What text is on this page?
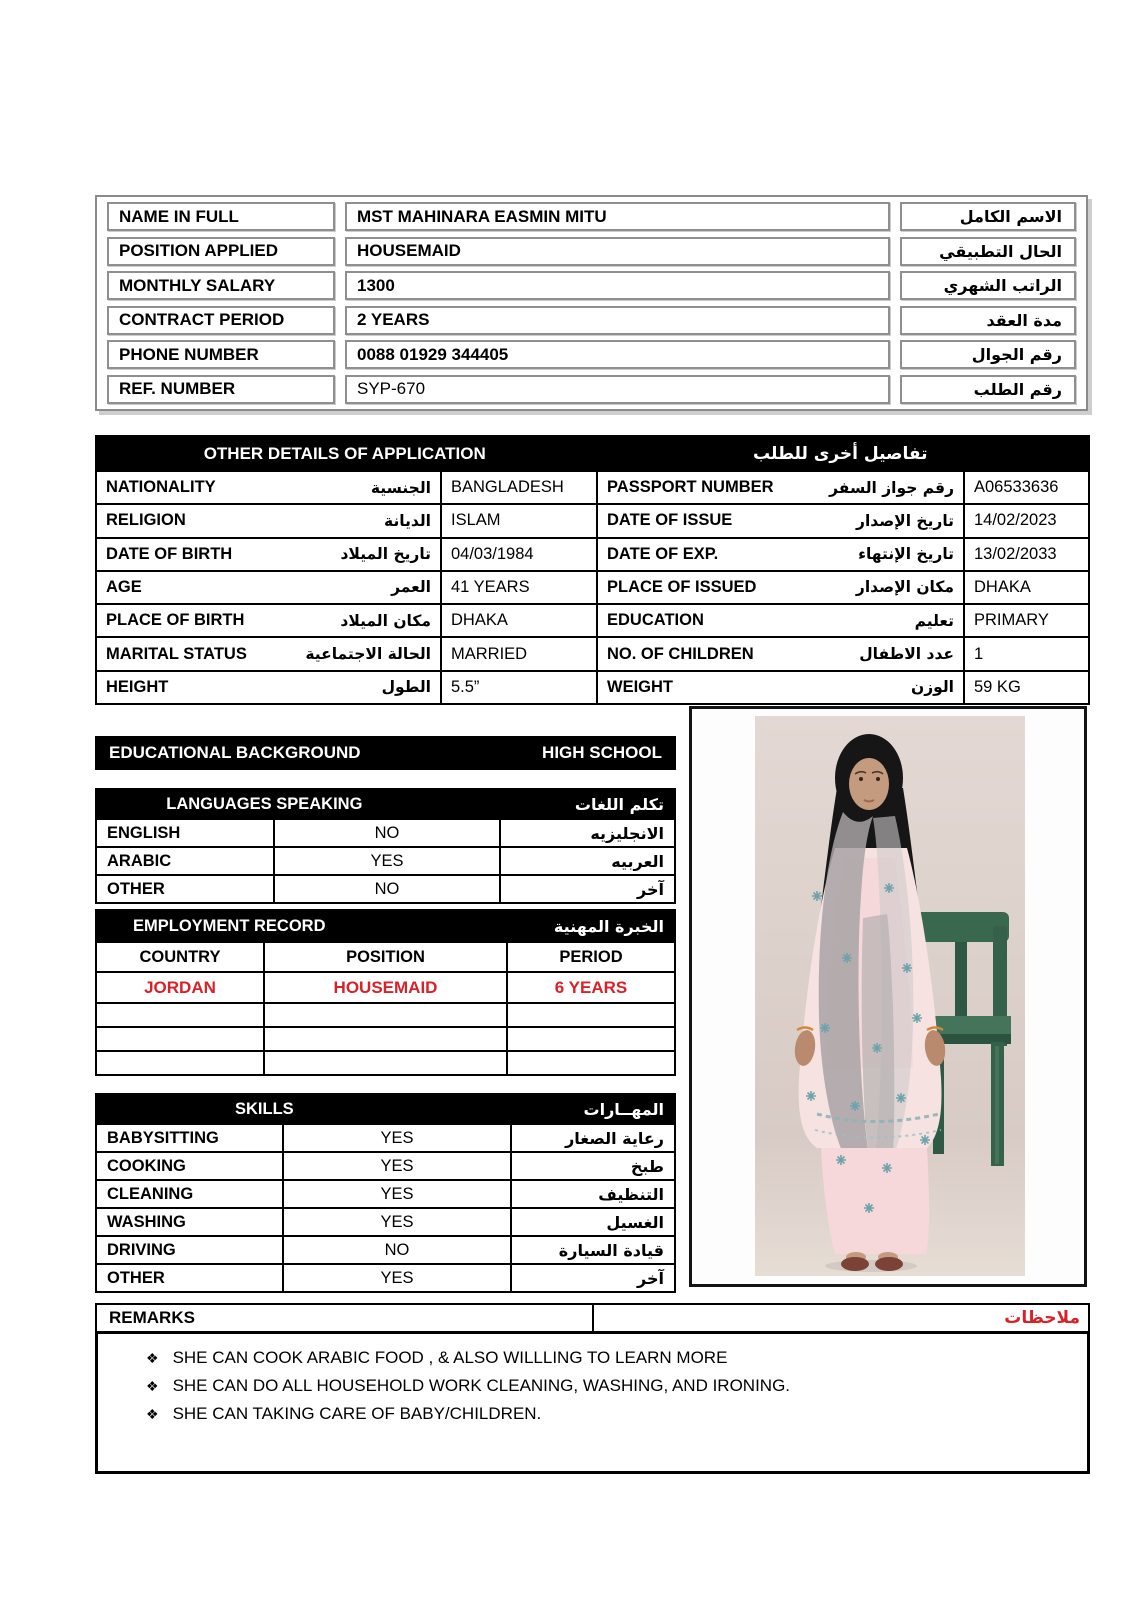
NAME IN FULL	MST MAHINARA EASMIN MITU	الاسم الكامل
POSITION APPLIED	HOUSEMAID	الحال التطبيقي
MONTHLY SALARY	1300	الراتب الشهري
CONTRACT PERIOD	2 YEARS	مدة العقد
PHONE NUMBER	0088 01929 344405	رقم الجوال
REF. NUMBER	SYP-670	رقم الطلب
OTHER DETAILS OF APPLICATION	تفاصيل أخرى للطلب
NATIONALITY	الجنسية BANGLADESH	PASSPORT NUMBER	رقم جواز السفر A06533636
RELIGION	الديانة ISLAM	DATE OF ISSUE	تاريخ الإصدار 14/02/2023
DATE OF BIRTH	تاريخ الميلاد 04/03/1984	DATE OF EXP.	تاريخ الإنتهاء 13/02/2033
AGE	العمر 41 YEARS	PLACE OF ISSUED	مكان الإصدار DHAKA
PLACE OF BIRTH	مكان الميلاد DHAKA	EDUCATION	تعليم PRIMARY
MARITAL STATUS	الحالة الاجتماعية MARRIED	NO. OF CHILDREN	عدد الاطفال 1
HEIGHT	الطول 5.5”	WEIGHT	الوزن 59 KG
EDUCATIONAL BACKGROUND	HIGH SCHOOL
LANGUAGES SPEAKING	تكلم اللغات
ENGLISH	NO	الانجليزيه
ARABIC	YES	العربيه
OTHER	NO	آخر
EMPLOYMENT RECORD	الخبرة المهنية
COUNTRY	POSITION	PERIOD
JORDAN	HOUSEMAID	6 YEARS
SKILLS	المهــارات
BABYSITTING	YES	رعاية الصغار
COOKING	YES	طبخ
CLEANING	YES	التنظيف
WASHING	YES	الغسيل
DRIVING	NO	قيادة السيارة
OTHER	YES	آخر
REMARKS	ملاحظات
❖ SHE CAN COOK ARABIC FOOD , & ALSO WILLLING TO LEARN MORE
❖ SHE CAN DO ALL HOUSEHOLD WORK CLEANING, WASHING, AND IRONING.
❖ SHE CAN TAKING CARE OF BABY/CHILDREN.
